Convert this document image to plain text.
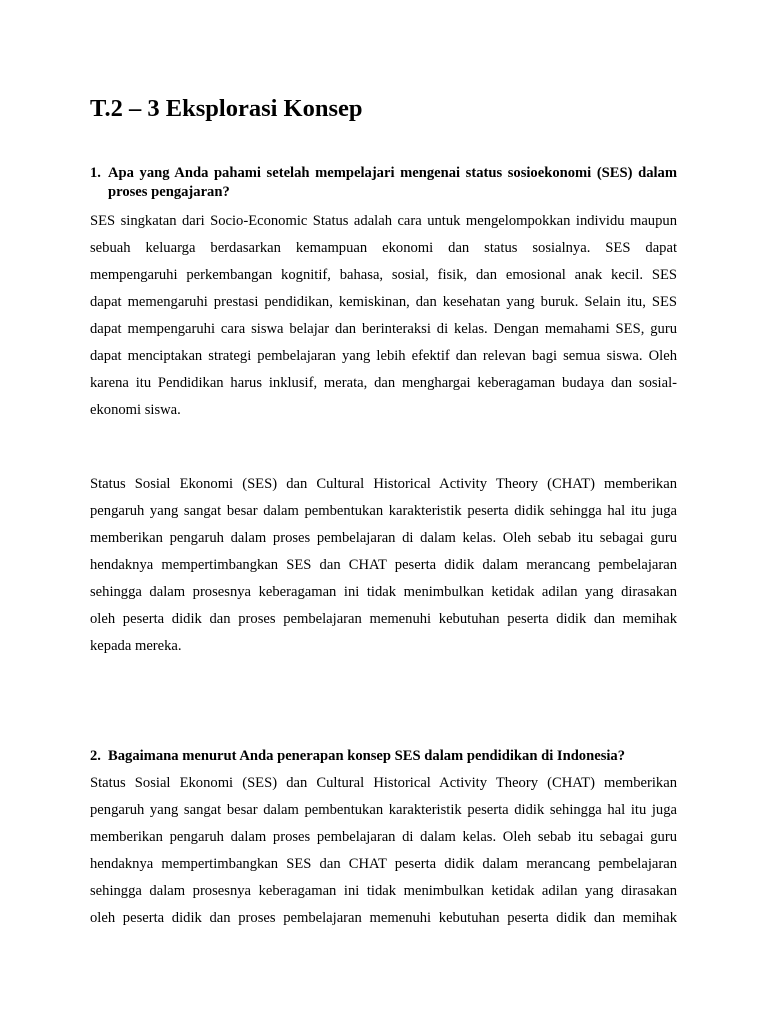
T.2 – 3 Eksplorasi Konsep
1. Apa yang Anda pahami setelah mempelajari mengenai status sosioekonomi (SES) dalam proses pengajaran?
SES singkatan dari Socio-Economic Status adalah cara untuk mengelompokkan individu maupun
sebuah keluarga berdasarkan kemampuan ekonomi dan status sosialnya. SES dapat
mempengaruhi perkembangan kognitif, bahasa, sosial, fisik, dan emosional anak kecil. SES
dapat memengaruhi prestasi pendidikan, kemiskinan, dan kesehatan yang buruk. Selain itu, SES
dapat mempengaruhi cara siswa belajar dan berinteraksi di kelas. Dengan memahami SES, guru
dapat menciptakan strategi pembelajaran yang lebih efektif dan relevan bagi semua siswa. Oleh
karena itu Pendidikan harus inklusif, merata, dan menghargai keberagaman budaya dan sosial-
ekonomi siswa.
Status Sosial Ekonomi (SES) dan Cultural Historical Activity Theory (CHAT) memberikan
pengaruh yang sangat besar dalam pembentukan karakteristik peserta didik sehingga hal itu juga
memberikan pengaruh dalam proses pembelajaran di dalam kelas. Oleh sebab itu sebagai guru
hendaknya mempertimbangkan SES dan CHAT peserta didik dalam merancang pembelajaran
sehingga dalam prosesnya keberagaman ini tidak menimbulkan ketidak adilan yang dirasakan
oleh peserta didik dan proses pembelajaran memenuhi kebutuhan peserta didik dan memihak
kepada mereka.
2. Bagaimana menurut Anda penerapan konsep SES dalam pendidikan di Indonesia?
Status Sosial Ekonomi (SES) dan Cultural Historical Activity Theory (CHAT) memberikan
pengaruh yang sangat besar dalam pembentukan karakteristik peserta didik sehingga hal itu juga
memberikan pengaruh dalam proses pembelajaran di dalam kelas. Oleh sebab itu sebagai guru
hendaknya mempertimbangkan SES dan CHAT peserta didik dalam merancang pembelajaran
sehingga dalam prosesnya keberagaman ini tidak menimbulkan ketidak adilan yang dirasakan
oleh peserta didik dan proses pembelajaran memenuhi kebutuhan peserta didik dan memihak
